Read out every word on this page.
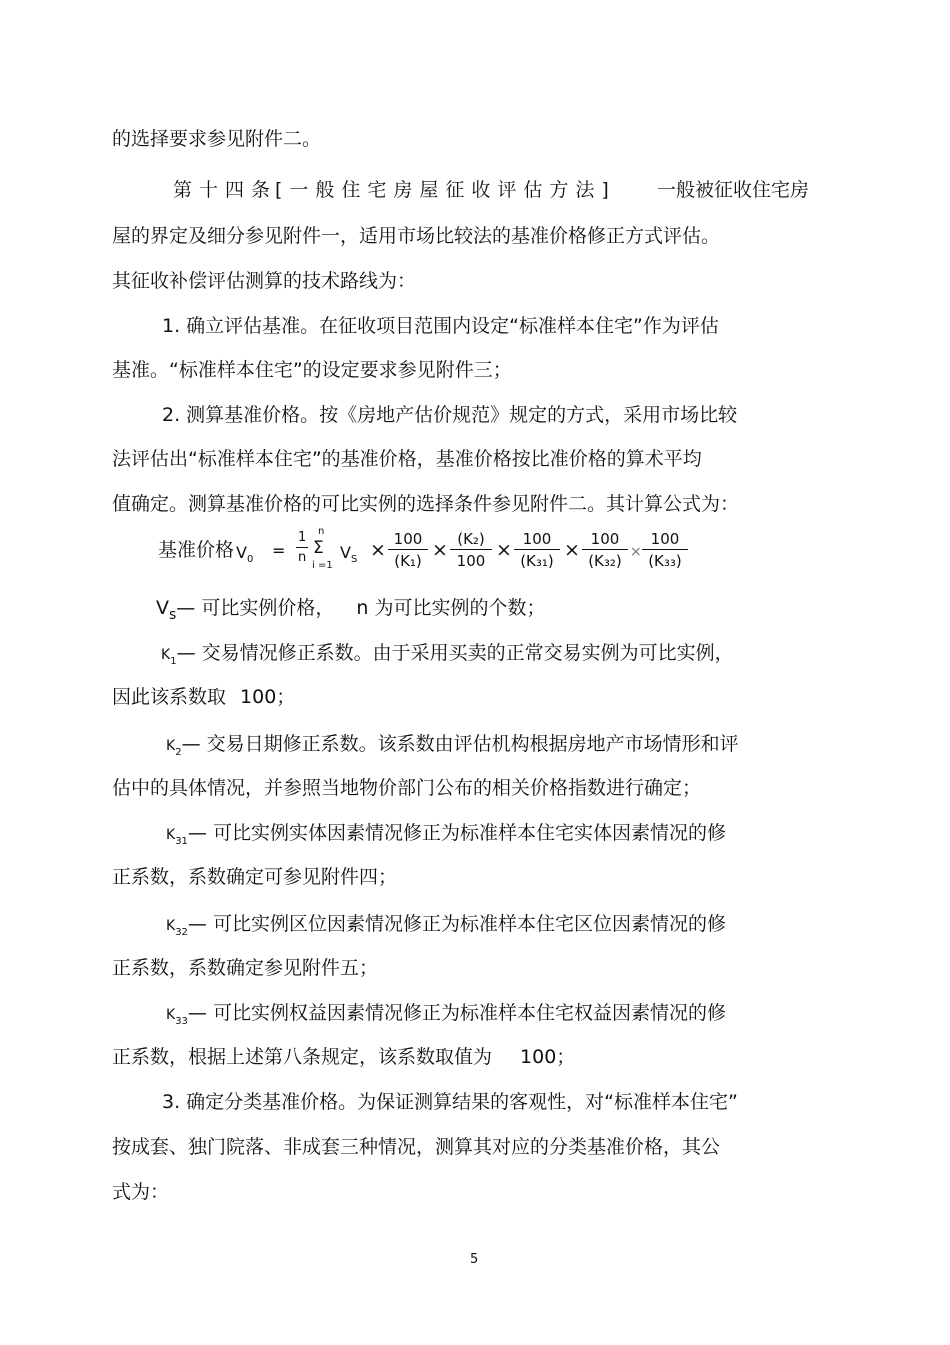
的选择要求参见附件二。
第十四条
[一般住宅房屋征收评估方法] 一般被征收住宅房
屋的界定及细分参见附件一，适用市场比较法的基准价格修正方式评估。
其征收补偿评估测算的技术路线为：
1. 确立评估基准。在征收项目范围内设定“标准样本住宅”作为评估
基准。“标准样本住宅”的设定要求参见附件三；
2. 测算基准价格。按《房地产估价规范》规定的方式，采用市场比较
法评估出“标准样本住宅”的基准价格，基准价格按比准价格的算术平均
值确定。测算基准价格的可比实例的选择条件参见附件二。其计算公式为：
基准价格 $V_0 = \frac{1}{n}$ n
Σ
i =1
$V_S \times \frac{100}{\text{(K₁)}} \times \frac{\text{(K₂)}}{100} \times \frac{100}{\text{(K₃₁)}} \times \frac{100}{\text{(K₃₂)}} \times \frac{100}{\text{(K₃₃)}}$
$V_s—$ 可比实例价格， n 为可比实例的个数；
$K_1—$ 交易情况修正系数。由于采用买卖的正常交易实例为可比实例，
因此该系数取 100；
$K_2—$ 交易日期修正系数。该系数由评估机构根据房地产市场情形和评
估中的具体情况，并参照当地物价部门公布的相关价格指数进行确定；
$K_{31}—$ 可比实例实体因素情况修正为标准样本住宅实体因素情况的修
正系数，系数确定可参见附件四；
$K_{32}—$ 可比实例区位因素情况修正为标准样本住宅区位因素情况的修
正系数，系数确定参见附件五；
$K_{33}—$ 可比实例权益因素情况修正为标准样本住宅权益因素情况的修
正系数，根据上述第八条规定，该系数取值为 100；
3. 确定分类基准价格。为保证测算结果的客观性，对“标准样本住宅”
按成套、独门院落、非成套三种情况，测算其对应的分类基准价格，其公
式为：
5
